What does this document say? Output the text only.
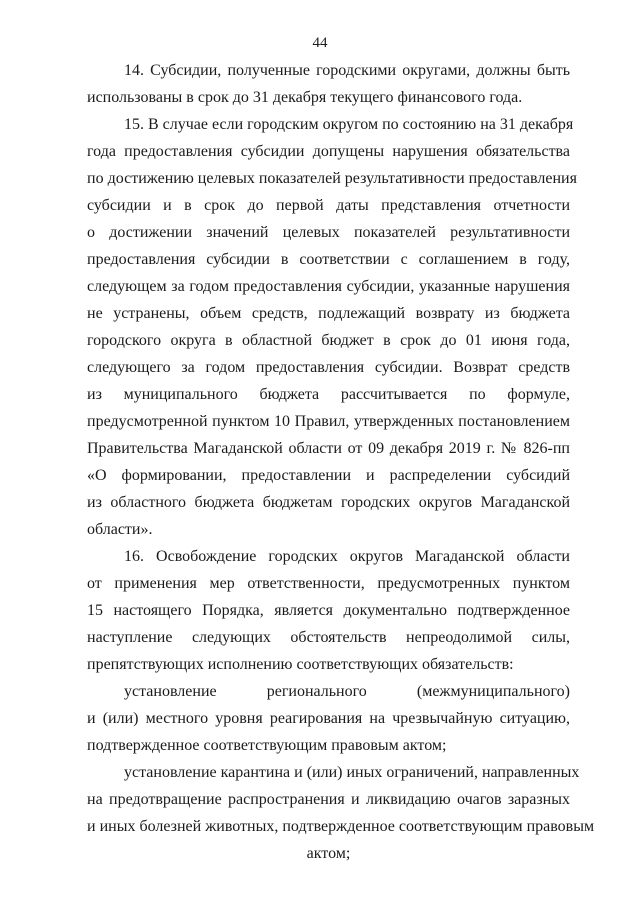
44
14. Субсидии, полученные городскими округами, должны быть
использованы в срок до 31 декабря текущего финансового года.
15. В случае если городским округом по состоянию на 31 декабря
года предоставления субсидии допущены нарушения обязательства
по достижению целевых показателей результативности предоставления
субсидии и в срок до первой даты представления отчетности
о достижении значений целевых показателей результативности
предоставления субсидии в соответствии с соглашением в году,
следующем за годом предоставления субсидии, указанные нарушения
не устранены, объем средств, подлежащий возврату из бюджета
городского округа в областной бюджет в срок до 01 июня года,
следующего за годом предоставления субсидии. Возврат средств
из муниципального бюджета рассчитывается по формуле,
предусмотренной пунктом 10 Правил, утвержденных постановлением
Правительства Магаданской области от 09 декабря 2019 г. № 826-пп
«О формировании, предоставлении и распределении субсидий
из областного бюджета бюджетам городских округов Магаданской
области».
16. Освобождение городских округов Магаданской области
от применения мер ответственности, предусмотренных пунктом
15 настоящего Порядка, является документально подтвержденное
наступление следующих обстоятельств непреодолимой силы,
препятствующих исполнению соответствующих обязательств:
установление регионального (межмуниципального)
и (или) местного уровня реагирования на чрезвычайную ситуацию,
подтвержденное соответствующим правовым актом;
установление карантина и (или) иных ограничений, направленных
на предотвращение распространения и ликвидацию очагов заразных
и иных болезней животных, подтвержденное соответствующим правовым
актом;
